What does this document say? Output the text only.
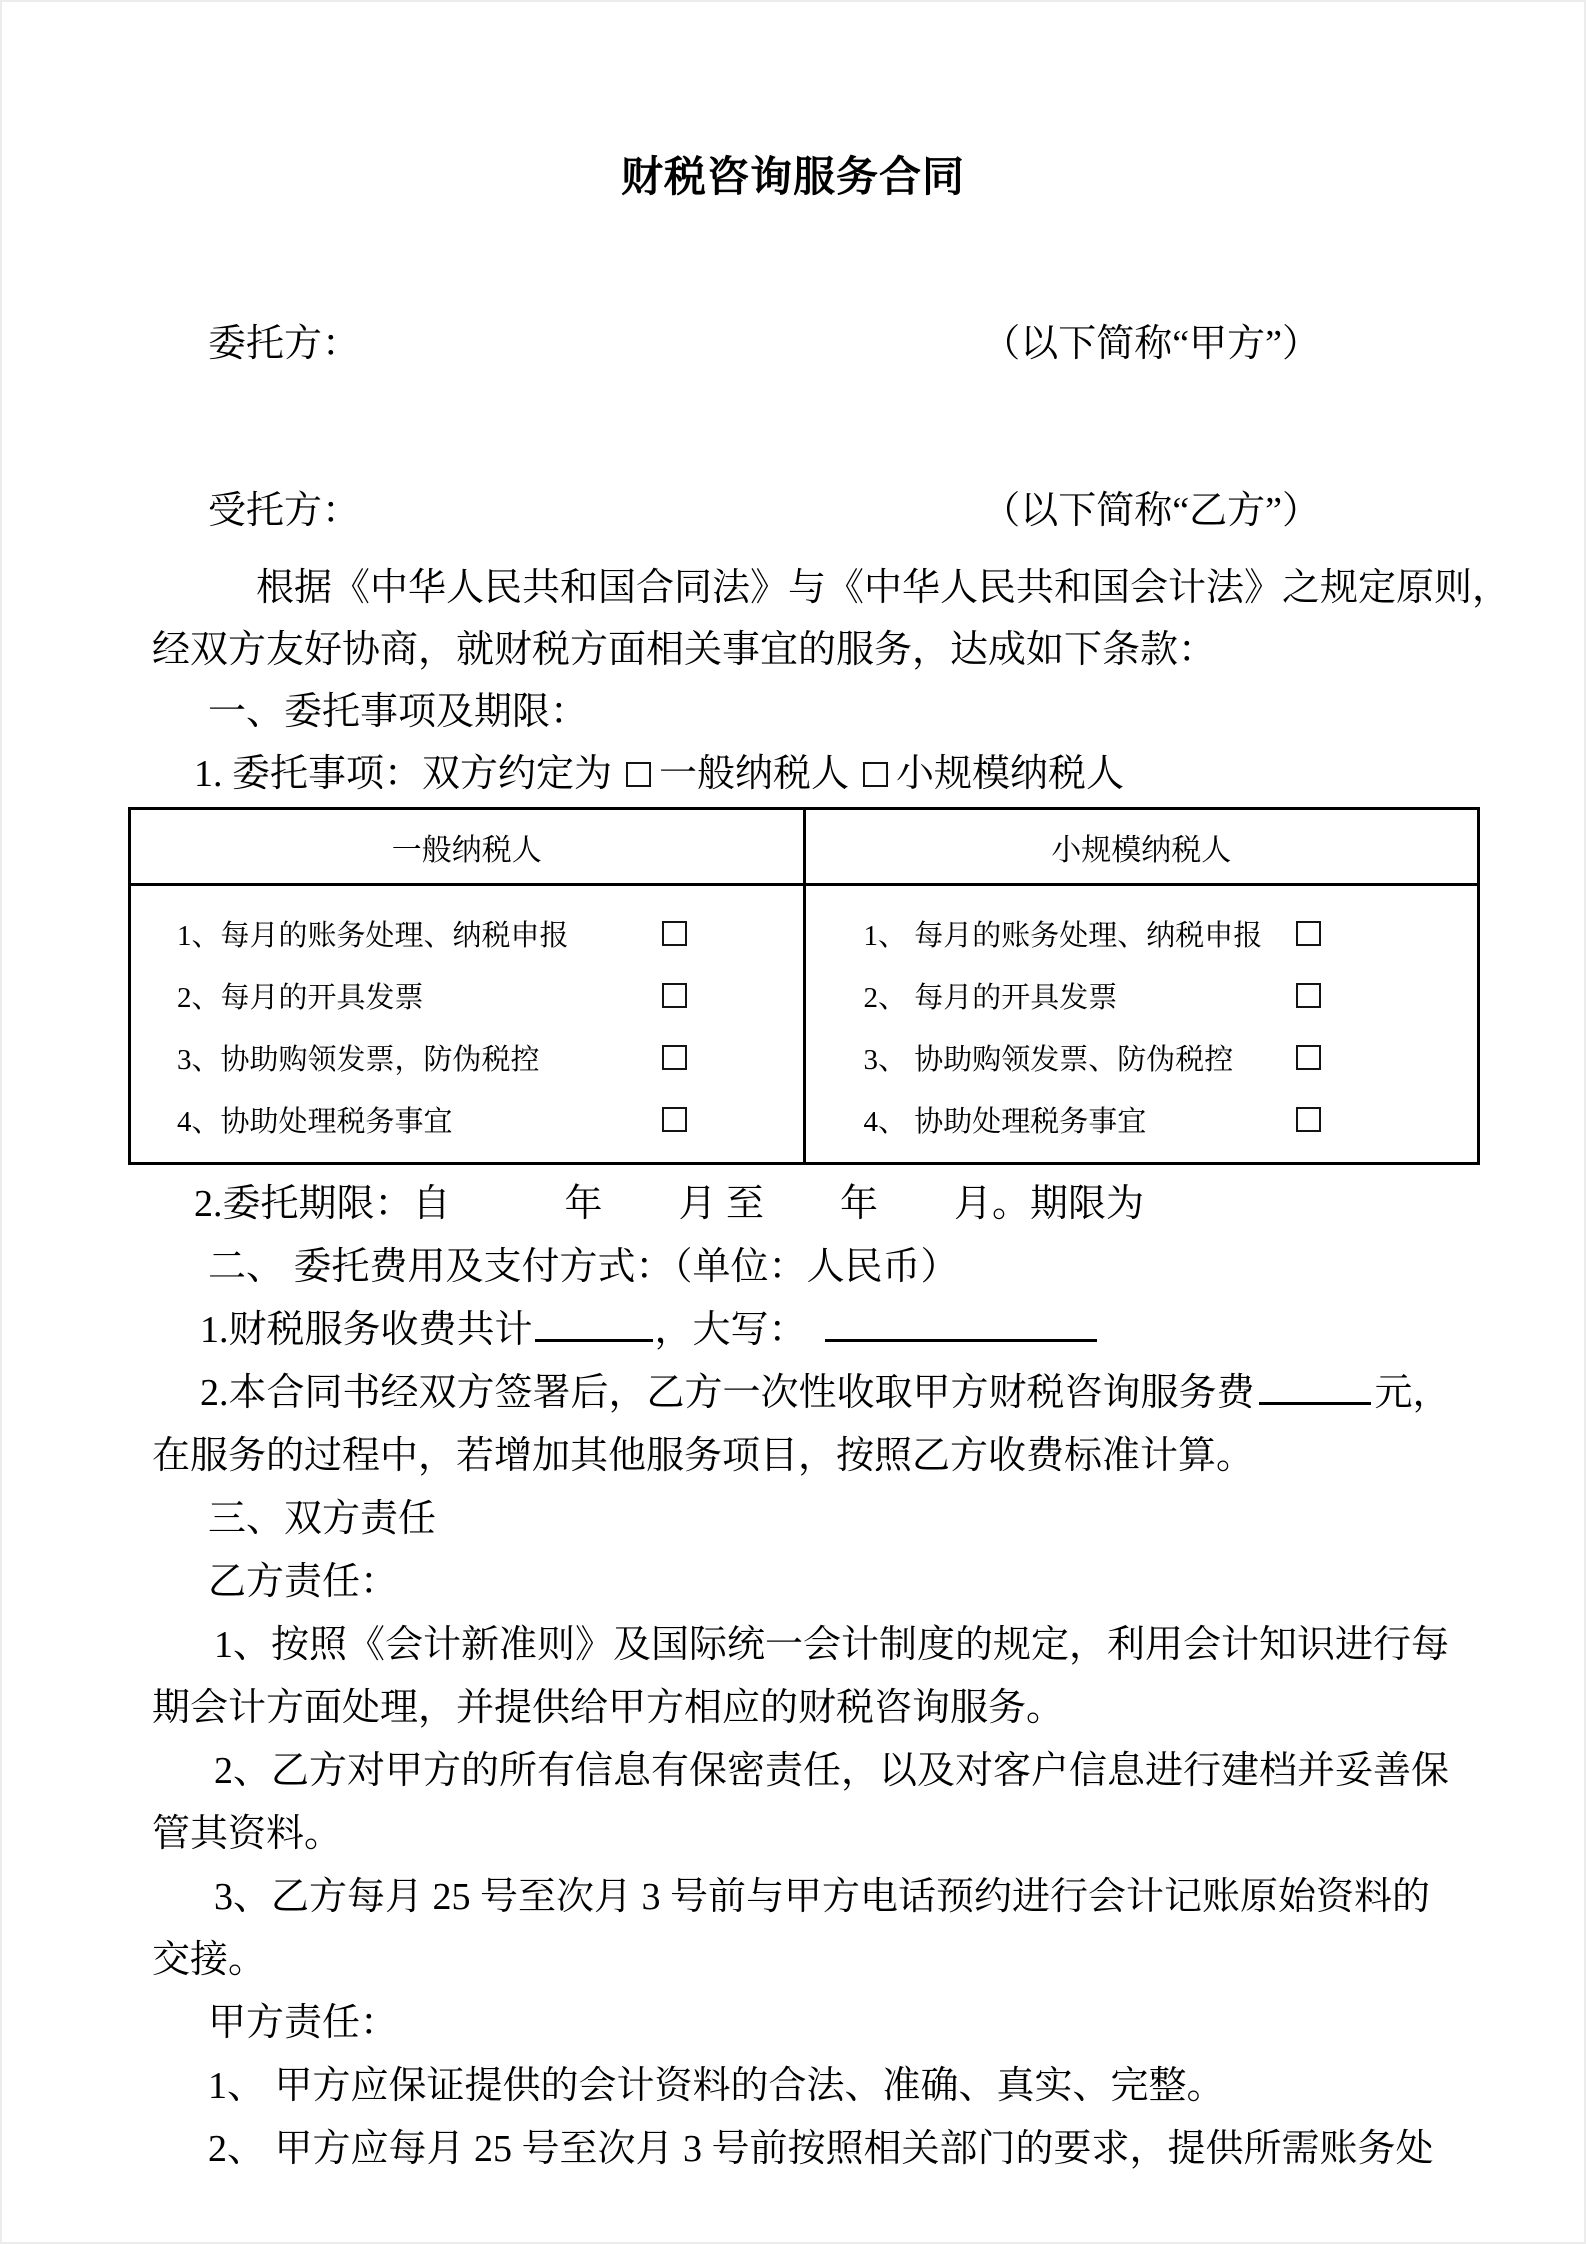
财税咨询服务合同
委托方：	（以下简称“甲方”）
受托方：	（以下简称“乙方”）
根据《中华人民共和国合同法》与《中华人民共和国会计法》之规定原则，
经双方友好协商，就财税方面相关事宜的服务，达成如下条款：
一、委托事项及期限：
1. 委托事项：双方约定为 一般纳税人 小规模纳税人
一般纳税人	小规模纳税人

1、每月的账务处理、纳税申报
2、每月的开具发票
3、协助购领发票，防伪税控
4、协助处理税务事宜

1、 每月的账务处理、纳税申报
2、 每月的开具发票
3、 协助购领发票、防伪税控
4、 协助处理税务事宜
2.委托期限：自　　　年　　月 至　　年　　月。期限为
二、 委托费用及支付方式：（单位：人民币）
1.财税服务收费共计	，大写：
2.本合同书经双方签署后，乙方一次性收取甲方财税咨询服务费	元，
在服务的过程中，若增加其他服务项目，按照乙方收费标准计算。
三、双方责任
乙方责任：
1、按照《会计新准则》及国际统一会计制度的规定，利用会计知识进行每
期会计方面处理，并提供给甲方相应的财税咨询服务。
2、乙方对甲方的所有信息有保密责任，以及对客户信息进行建档并妥善保
管其资料。
3、乙方每月 25 号至次月 3 号前与甲方电话预约进行会计记账原始资料的
交接。
甲方责任：
1、 甲方应保证提供的会计资料的合法、准确、真实、完整。
2、 甲方应每月 25 号至次月 3 号前按照相关部门的要求，提供所需账务处
